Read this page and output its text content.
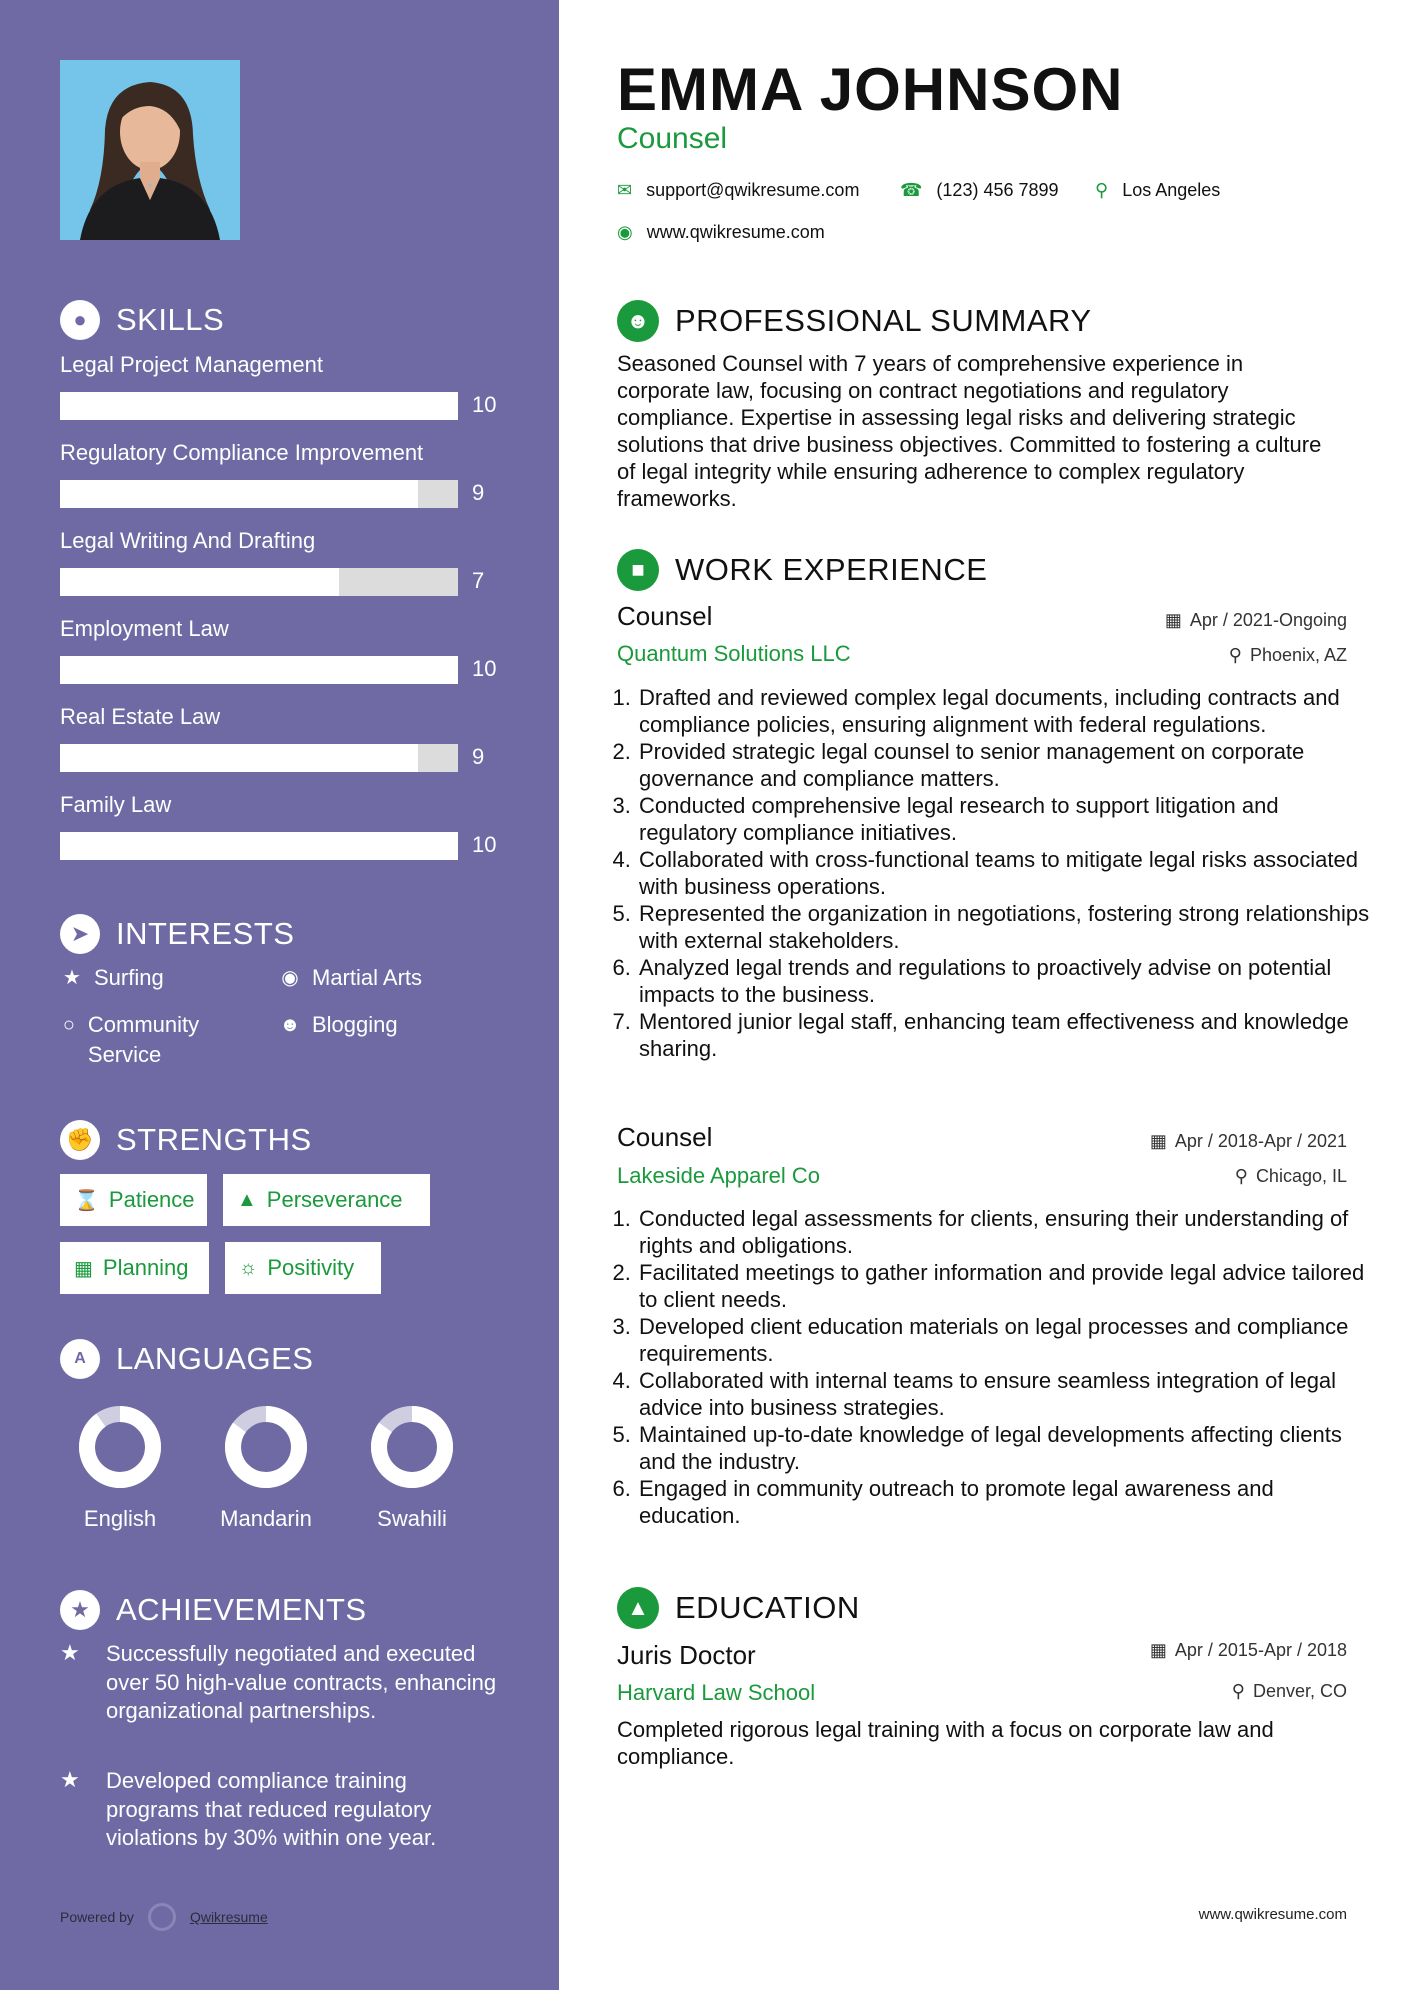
● SKILLS
Legal Project Management
10
Regulatory Compliance Improvement
9
Legal Writing And Drafting
7
Employment Law
10
Real Estate Law
9
Family Law
10
➤ INTERESTS
★ Surfing	◉ Martial Arts
○ Community Service
☻ Blogging
✊ STRENGTHS
⌛ Patience ▲ Perseverance
▦ Planning	☼ Positivity
A LANGUAGES
English	Mandarin	Swahili
★ ACHIEVEMENTS
★	Successfully negotiated and executed over 50 high-value contracts, enhancing organizational partnerships.
★	Developed compliance training programs that reduced regulatory violations by 30% within one year.
Powered by	Qwikresume
EMMA JOHNSON
Counsel
✉ support@qwikresume.com ☎ (123) 456 7899 ⚲ Los Angeles
◉ www.qwikresume.com
☻ PROFESSIONAL SUMMARY
Seasoned Counsel with 7 years of comprehensive experience in corporate law, focusing on contract negotiations and regulatory compliance. Expertise in assessing legal risks and delivering strategic solutions that drive business objectives. Committed to fostering a culture of legal integrity while ensuring adherence to complex regulatory frameworks.
■ WORK EXPERIENCE
Counsel
Quantum Solutions LLC
▦ Apr / 2021-Ongoing
⚲ Phoenix, AZ
1. Drafted and reviewed complex legal documents, including contracts and compliance policies, ensuring alignment with federal regulations.
2. Provided strategic legal counsel to senior management on corporate governance and compliance matters.
3. Conducted comprehensive legal research to support litigation and regulatory compliance initiatives.
4. Collaborated with cross-functional teams to mitigate legal risks associated with business operations.
5. Represented the organization in negotiations, fostering strong relationships with external stakeholders.
6. Analyzed legal trends and regulations to proactively advise on potential impacts to the business.
7. Mentored junior legal staff, enhancing team effectiveness and knowledge sharing.
Counsel
Lakeside Apparel Co
▦ Apr / 2018-Apr / 2021
⚲ Chicago, IL
1. Conducted legal assessments for clients, ensuring their understanding of rights and obligations.
2. Facilitated meetings to gather information and provide legal advice tailored to client needs.
3. Developed client education materials on legal processes and compliance requirements.
4. Collaborated with internal teams to ensure seamless integration of legal advice into business strategies.
5. Maintained up-to-date knowledge of legal developments affecting clients and the industry.
6. Engaged in community outreach to promote legal awareness and education.
▲ EDUCATION
Juris Doctor
Harvard Law School
▦ Apr / 2015-Apr / 2018
⚲ Denver, CO
Completed rigorous legal training with a focus on corporate law and compliance.
www.qwikresume.com
